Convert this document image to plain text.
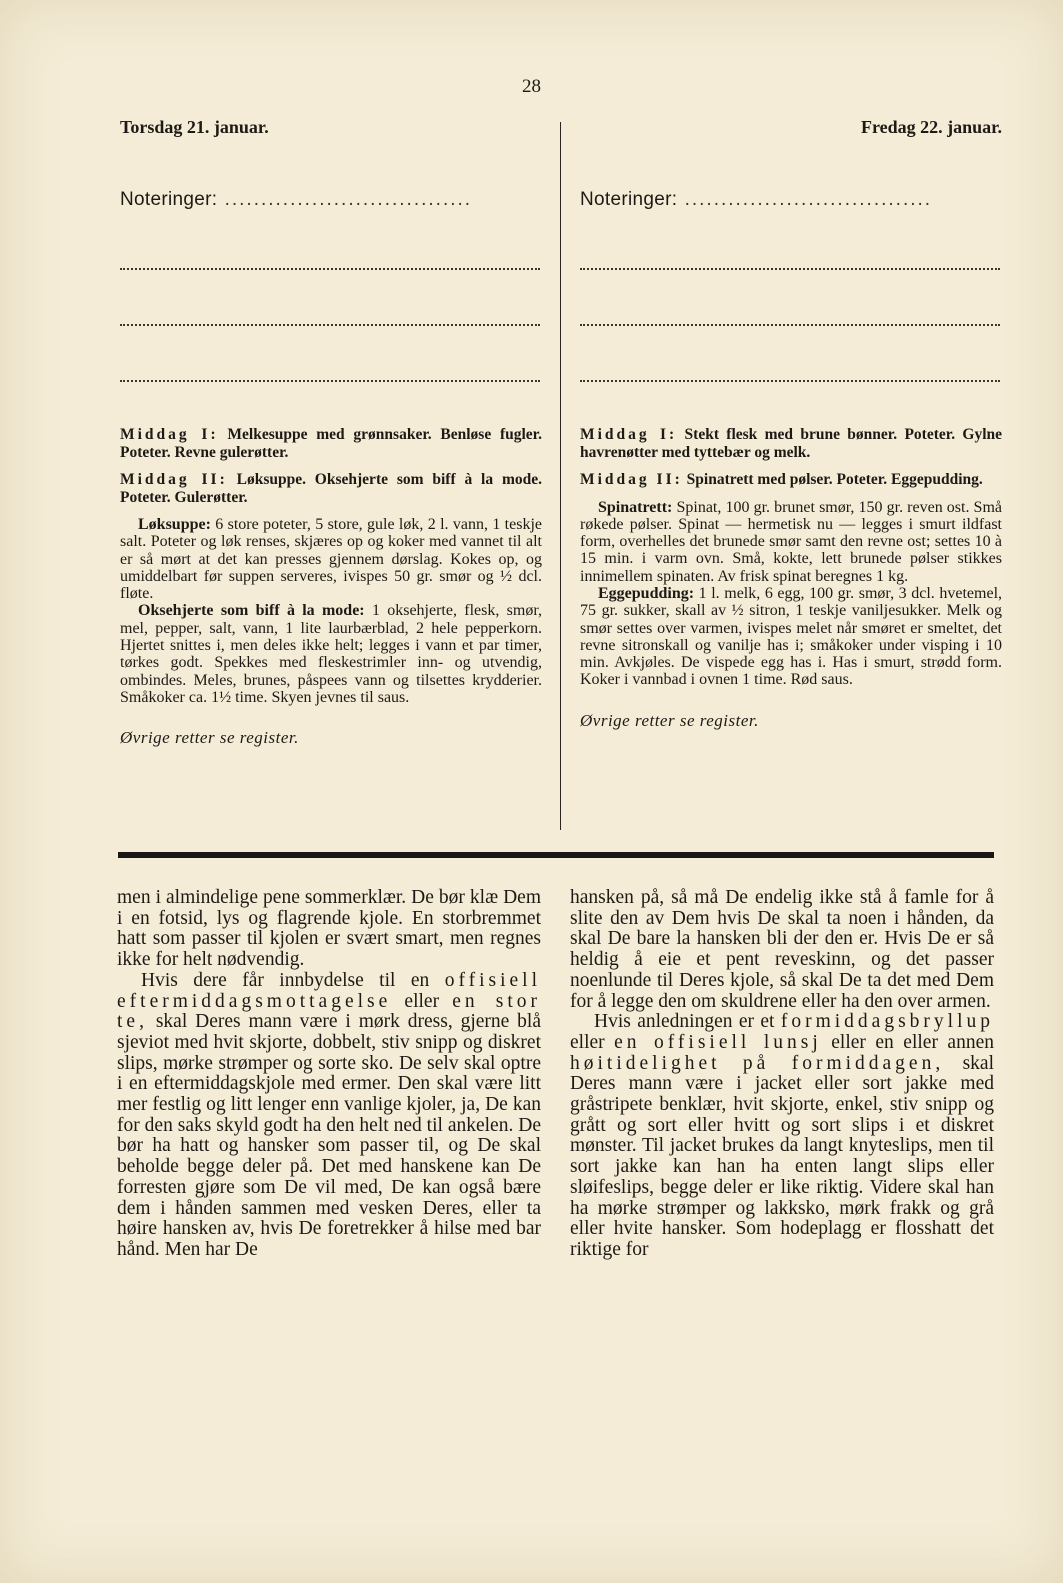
28
Torsdag 21. januar.
Noteringer: ..................................

Middag I: Melkesuppe med grønnsaker. Benløse fugler. Poteter. Revne gulerøtter.

Middag II: Løksuppe. Oksehjerte som biff à la mode. Poteter. Gulerøtter.

Løksuppe: 6 store poteter, 5 store, gule løk, 2 l. vann, 1 teskje salt. Poteter og løk renses, skjæres op og koker med vannet til alt er så mørt at det kan presses gjennem dørslag. Kokes op, og umiddelbart før suppen serveres, ivispes 50 gr. smør og ½ dcl. fløte.

Oksehjerte som biff à la mode: 1 oksehjerte, flesk, smør, mel, pepper, salt, vann, 1 lite laurbærblad, 2 hele pepperkorn. Hjertet snittes i, men deles ikke helt; legges i vann et par timer, tørkes godt. Spekkes med fleskestrimler inn- og utvendig, ombindes. Meles, brunes, påspees vann og tilsettes krydderier. Småkoker ca. 1½ time. Skyen jevnes til saus.

Øvrige retter se register.
Fredag 22. januar.
Noteringer: ..................................

Middag I: Stekt flesk med brune bønner. Poteter. Gylne havrenøtter med tyttebær og melk.

Middag II: Spinatrett med pølser. Poteter. Eggepudding.

Spinatrett: Spinat, 100 gr. brunet smør, 150 gr. reven ost. Små røkede pølser. Spinat — hermetisk nu — legges i smurt ildfast form, overhelles det brunede smør samt den revne ost; settes 10 à 15 min. i varm ovn. Små, kokte, lett brunede pølser stikkes innimellem spinaten. Av frisk spinat beregnes 1 kg.

Eggepudding: 1 l. melk, 6 egg, 100 gr. smør, 3 dcl. hvetemel, 75 gr. sukker, skall av ½ sitron, 1 teskje vaniljesukker. Melk og smør settes over varmen, ivispes melet når smøret er smeltet, det revne sitronskall og vanilje has i; småkoker under visping i 10 min. Avkjøles. De vispede egg has i. Has i smurt, strødd form. Koker i vannbad i ovnen 1 time. Rød saus.

Øvrige retter se register.

men i almindelige pene sommerklær. De bør klæ Dem i en fotsid, lys og flagrende kjole. En storbremmet hatt som passer til kjolen er svært smart, men regnes ikke for helt nødvendig.

Hvis dere får innbydelse til en offisiell eftermiddagsmottagelse eller en stor te, skal Deres mann være i mørk dress, gjerne blå sjeviot med hvit skjorte, dobbelt, stiv snipp og diskret slips, mørke strømper og sorte sko. De selv skal optre i en eftermiddagskjole med ermer. Den skal være litt mer festlig og litt lenger enn vanlige kjoler, ja, De kan for den saks skyld godt ha den helt ned til ankelen. De bør ha hatt og hansker som passer til, og De skal beholde begge deler på. Det med hanskene kan De forresten gjøre som De vil med, De kan også bære dem i hånden sammen med vesken Deres, eller ta høire hansken av, hvis De foretrekker å hilse med bar hånd. Men har De

hansken på, så må De endelig ikke stå å famle for å slite den av Dem hvis De skal ta noen i hånden, da skal De bare la hansken bli der den er. Hvis De er så heldig å eie et pent reveskinn, og det passer noenlunde til Deres kjole, så skal De ta det med Dem for å legge den om skuldrene eller ha den over armen.

Hvis anledningen er et formiddagsbryllup eller en offisiell lunsj eller en eller annen høitidelighet på formiddagen, skal Deres mann være i jacket eller sort jakke med gråstripete benklær, hvit skjorte, enkel, stiv snipp og grått og sort eller hvitt og sort slips i et diskret mønster. Til jacket brukes da langt knyteslips, men til sort jakke kan han ha enten langt slips eller sløifeslips, begge deler er like riktig. Videre skal han ha mørke strømper og lakksko, mørk frakk og grå eller hvite hansker. Som hodeplagg er flosshatt det riktige for
